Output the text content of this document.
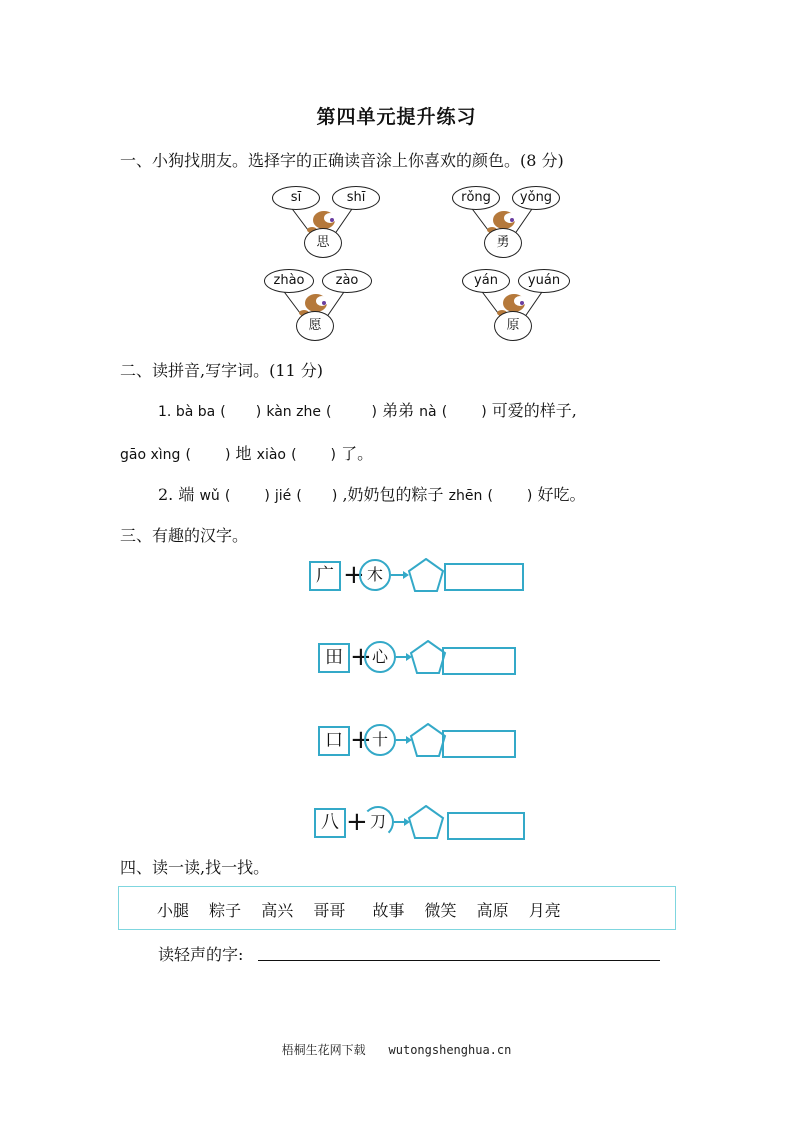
第四单元提升练习
一、小狗找朋友。选择字的正确读音涂上你喜欢的颜色。(8 分)
sī	shī
思
rǒng	yǒng
勇
zhào	zào
愿
yán	yuán
原
二、读拼音,写字词。(11 分)
1. bà ba ( ) kàn zhe (	) 弟弟 nà ( ) 可爱的样子,
gāo xìng ( ) 地 xiào ( ) 了。
2. 端 wǔ ( ) jié ( ) ,奶奶包的粽子 zhēn ( ) 好吃。
三、有趣的汉字。
广 + 木
田 + 心
口 + 十
八 + 刀
四、读一读,找一找。
小腿 粽子 高兴 哥哥 故事 微笑 高原 月亮
读轻声的字:
梧桐生花网下载 wutongshenghua.cn
